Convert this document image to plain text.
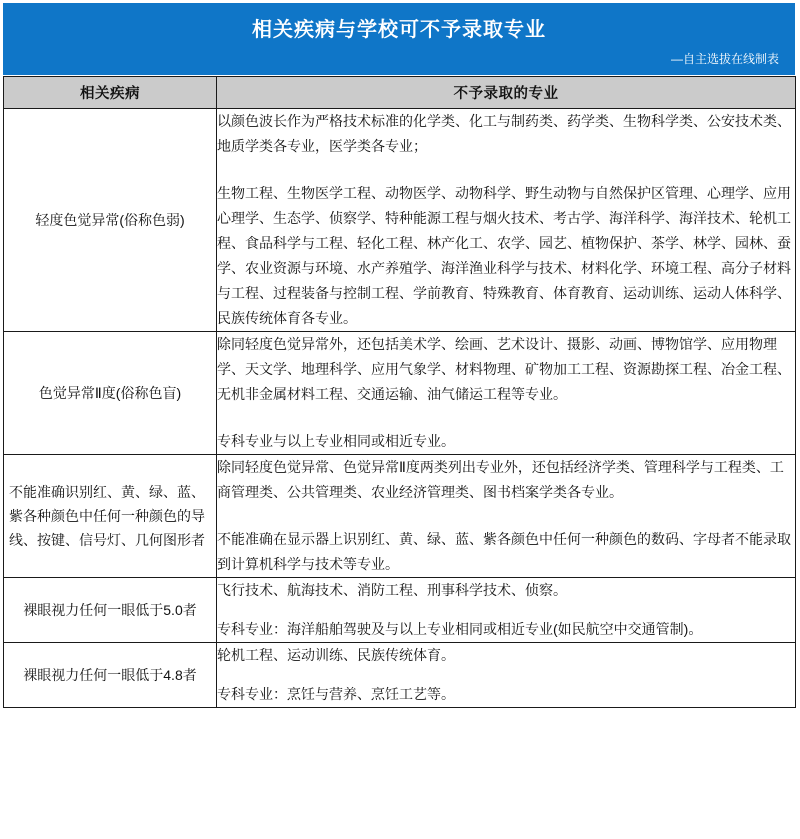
相关疾病与学校可不予录取专业
—自主选拔在线制表
相关疾病	不予录取的专业
轻度色觉异常(俗称色弱)	以颜色波长作为严格技术标准的化学类、化工与制药类、药学类、生物科学类、公安技术类、地质学类各专业，医学类各专业；

生物工程、生物医学工程、动物医学、动物科学、野生动物与自然保护区管理、心理学、应用心理学、生态学、侦察学、特种能源工程与烟火技术、考古学、海洋科学、海洋技术、轮机工程、食品科学与工程、轻化工程、林产化工、农学、园艺、植物保护、茶学、林学、园林、蚕学、农业资源与环境、水产养殖学、海洋渔业科学与技术、材料化学、环境工程、高分子材料与工程、过程装备与控制工程、学前教育、特殊教育、体育教育、运动训练、运动人体科学、民族传统体育各专业。

色觉异常Ⅱ度(俗称色盲)	除同轻度色觉异常外，还包括美术学、绘画、艺术设计、摄影、动画、博物馆学、应用物理学、天文学、地理科学、应用气象学、材料物理、矿物加工工程、资源勘探工程、冶金工程、无机非金属材料工程、交通运输、油气储运工程等专业。

专科专业与以上专业相同或相近专业。

不能准确识别红、黄、绿、蓝、紫各种颜色中任何一种颜色的导线、按键、信号灯、几何图形者	除同轻度色觉异常、色觉异常Ⅱ度两类列出专业外，还包括经济学类、管理科学与工程类、工商管理类、公共管理类、农业经济管理类、图书档案学类各专业。

不能准确在显示器上识别红、黄、绿、蓝、紫各颜色中任何一种颜色的数码、字母者不能录取到计算机科学与技术等专业。

裸眼视力任何一眼低于5.0者	飞行技术、航海技术、消防工程、刑事科学技术、侦察。

专科专业：海洋船舶驾驶及与以上专业相同或相近专业(如民航空中交通管制)。

裸眼视力任何一眼低于4.8者	轮机工程、运动训练、民族传统体育。

专科专业：烹饪与营养、烹饪工艺等。
